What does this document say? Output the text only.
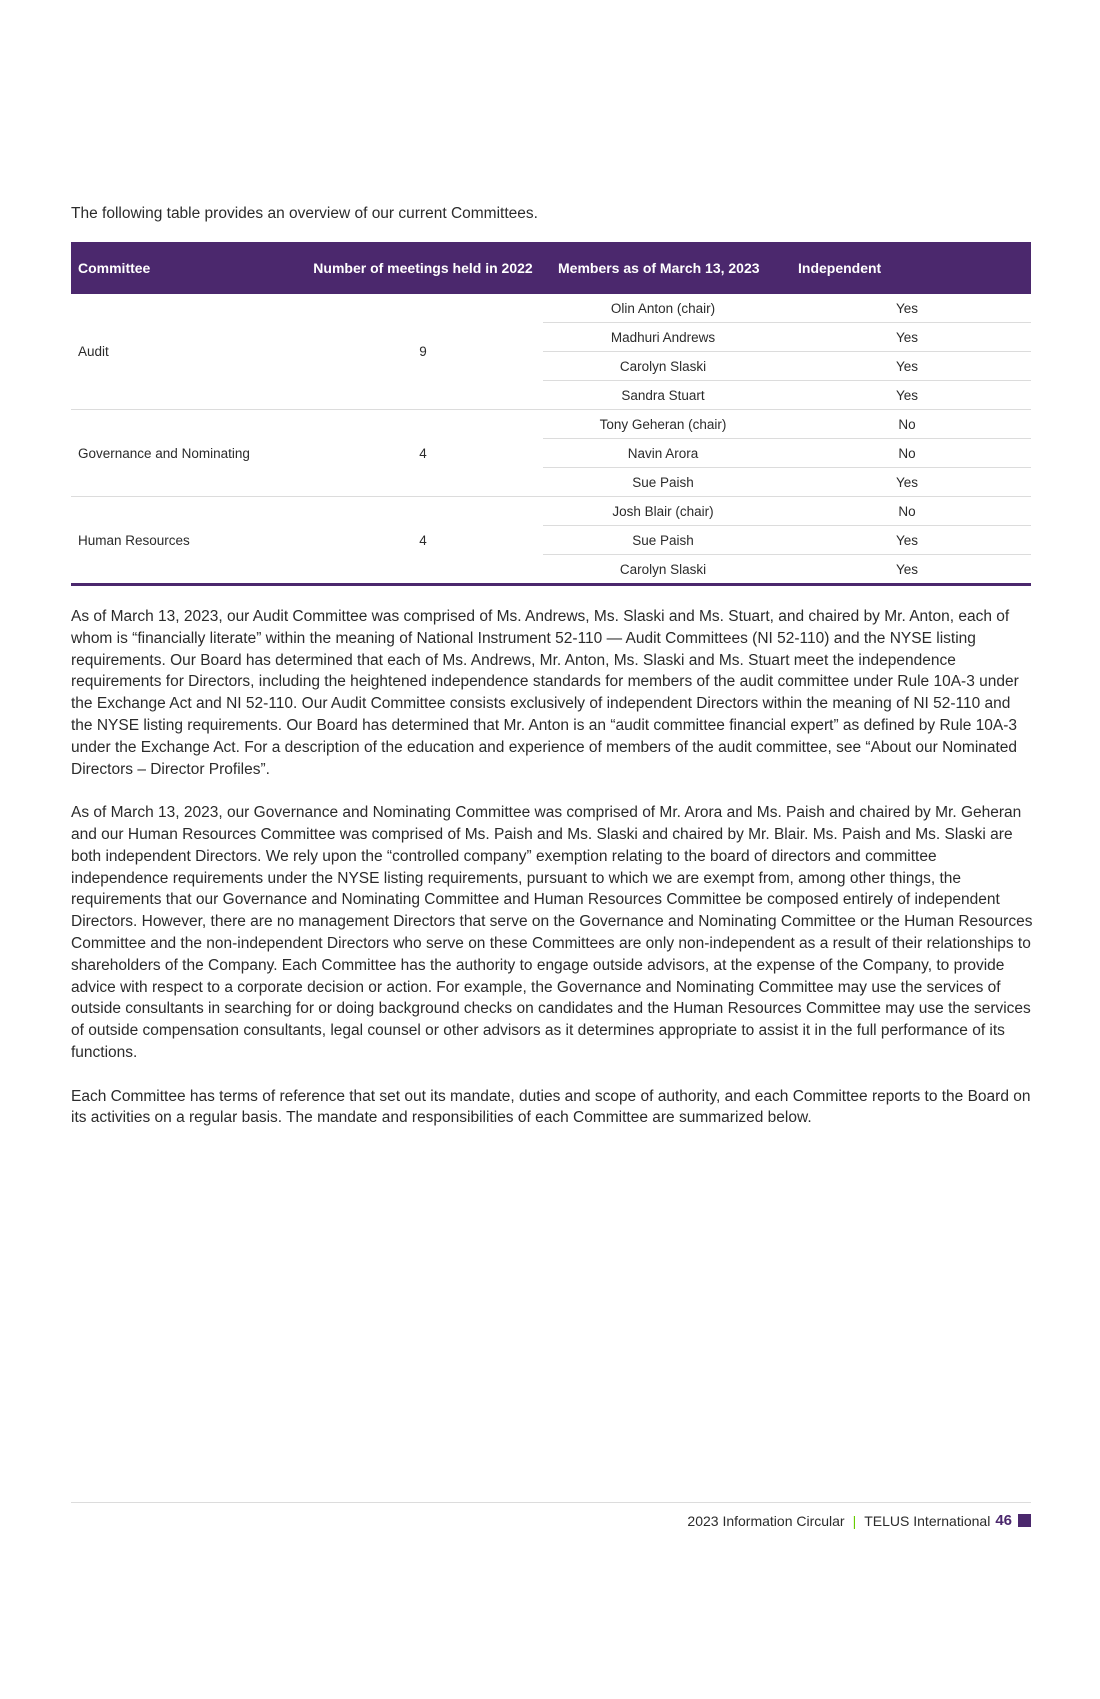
The following table provides an overview of our current Committees.

Committee	Number of meetings held in 2022	Members as of March 13, 2023	Independent
Audit	9	Olin Anton (chair)	Yes
		Madhuri Andrews	Yes
		Carolyn Slaski	Yes
		Sandra Stuart	Yes
Governance and Nominating	4	Tony Geheran (chair)	No
		Navin Arora	No
		Sue Paish	Yes
Human Resources	4	Josh Blair (chair)	No
		Sue Paish	Yes
		Carolyn Slaski	Yes

As of March 13, 2023, our Audit Committee was comprised of Ms. Andrews, Ms. Slaski and Ms. Stuart, and chaired by Mr. Anton, each of whom is “financially literate” within the meaning of National Instrument 52-110 — Audit Committees (NI 52-110) and the NYSE listing requirements. Our Board has determined that each of Ms. Andrews, Mr. Anton, Ms. Slaski and Ms. Stuart meet the independence requirements for Directors, including the heightened independence standards for members of the audit committee under Rule 10A-3 under the Exchange Act and NI 52-110. Our Audit Committee consists exclusively of independent Directors within the meaning of NI 52-110 and the NYSE listing requirements. Our Board has determined that Mr. Anton is an “audit committee financial expert” as defined by Rule 10A-3 under the Exchange Act. For a description of the education and experience of members of the audit committee, see “About our Nominated Directors – Director Profiles”.

As of March 13, 2023, our Governance and Nominating Committee was comprised of Mr. Arora and Ms. Paish and chaired by Mr. Geheran and our Human Resources Committee was comprised of Ms. Paish and Ms. Slaski and chaired by Mr. Blair. Ms. Paish and Ms. Slaski are both independent Directors. We rely upon the “controlled company” exemption relating to the board of directors and committee independence requirements under the NYSE listing requirements, pursuant to which we are exempt from, among other things, the requirements that our Governance and Nominating Committee and Human Resources Committee be composed entirely of independent Directors. However, there are no management Directors that serve on the Governance and Nominating Committee or the Human Resources Committee and the non-independent Directors who serve on these Committees are only non-independent as a result of their relationships to shareholders of the Company. Each Committee has the authority to engage outside advisors, at the expense of the Company, to provide advice with respect to a corporate decision or action. For example, the Governance and Nominating Committee may use the services of outside consultants in searching for or doing background checks on candidates and the Human Resources Committee may use the services of outside compensation consultants, legal counsel or other advisors as it determines appropriate to assist it in the full performance of its functions.

Each Committee has terms of reference that set out its mandate, duties and scope of authority, and each Committee reports to the Board on its activities on a regular basis. The mandate and responsibilities of each Committee are summarized below.

2023 Information Circular | TELUS International 46
